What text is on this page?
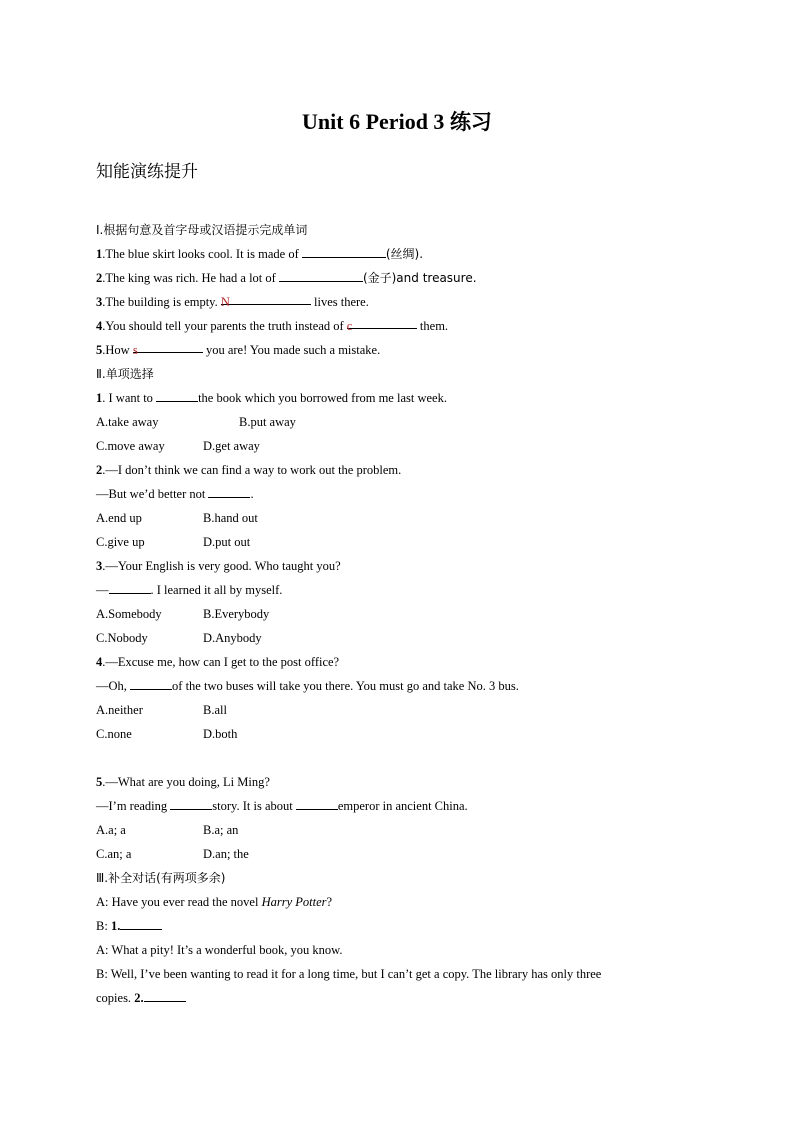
Unit 6 Period 3 练习
知能演练提升
Ⅰ.根据句意及首字母或汉语提示完成单词
1.The blue skirt looks cool. It is made of	(丝绸).
2.The king was rich. He had a lot of	(金子)and treasure.
3.The building is empty. N	lives there.
4.You should tell your parents the truth instead of c	them.
5.How s	you are! You made such a mistake.
Ⅱ.单项选择
1. I want to	the book which you borrowed from me last week.
A.take away	B.put away
C.move away	D.get away
2.—I don’t think we can find a way to work out the problem.
—But we’d better not	.
A.end up	B.hand out
C.give up	D.put out
3.—Your English is very good. Who taught you?
—	. I learned it all by myself.
A.Somebody	B.Everybody
C.Nobody	D.Anybody
4.—Excuse me, how can I get to the post office?
—Oh,	of the two buses will take you there. You must go and take No. 3 bus.
A.neither	B.all
C.none	D.both
5.—What are you doing, Li Ming?
—I’m reading	story. It is about	emperor in ancient China.
A.a; a	B.a; an
C.an; a	D.an; the
Ⅲ.补全对话(有两项多余)
A: Have you ever read the novel Harry Potter?
B: 1.
A: What a pity! It’s a wonderful book, you know.
B: Well, I’ve been wanting to read it for a long time, but I can’t get a copy. The library has only three
copies. 2.
